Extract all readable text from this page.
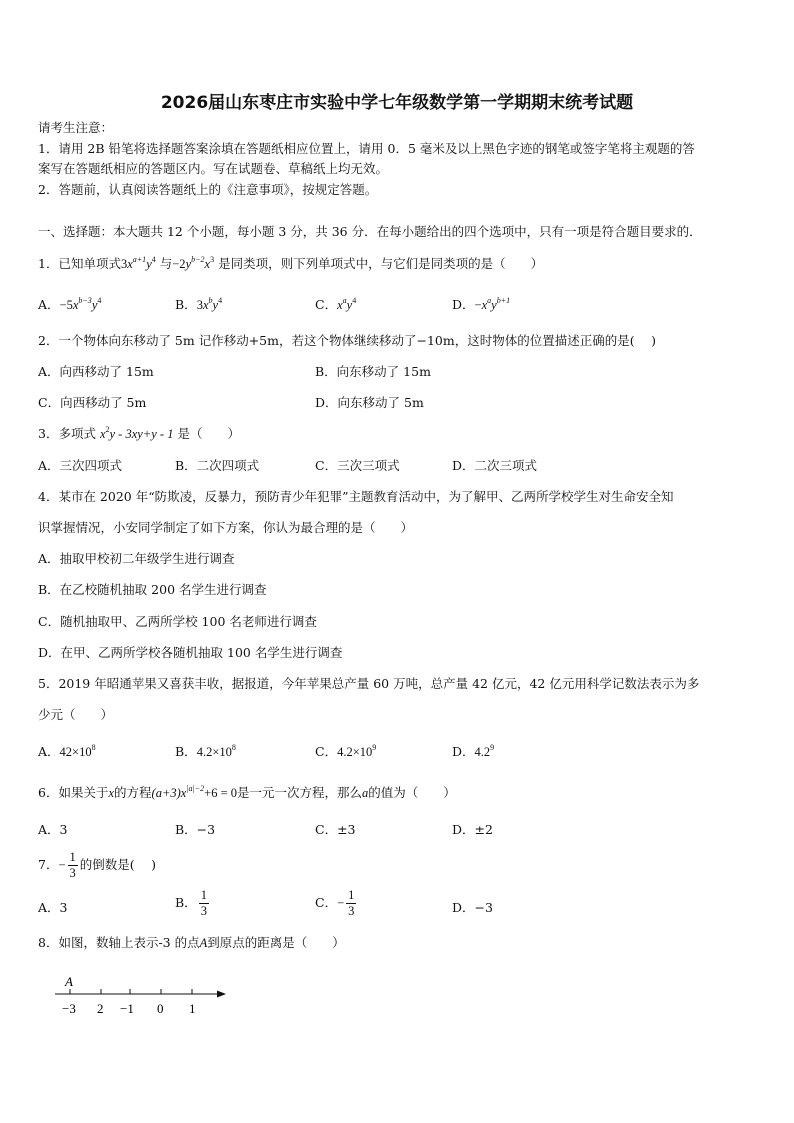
2026届山东枣庄市实验中学七年级数学第一学期期末统考试题
请考生注意：
1．请用 2B 铅笔将选择题答案涂填在答题纸相应位置上，请用 0．5 毫米及以上黑色字迹的钢笔或签字笔将主观题的答
案写在答题纸相应的答题区内。写在试题卷、草稿纸上均无效。
2．答题前，认真阅读答题纸上的《注意事项》，按规定答题。
一、选择题：本大题共 12 个小题，每小题 3 分，共 36 分．在每小题给出的四个选项中，只有一项是符合题目要求的．
1．已知单项式$3x^{a+1}y^4$ 与$-2y^{b-2}x^3$ 是同类项，则下列单项式中，与它们是同类项的是（　　）
A．$-5x^{b-3}y^4$	B．$3x^by^4$	C．$x^ay^4$	D．$-x^ay^{b+1}$
2．一个物体向东移动了 5m 记作移动+5m，若这个物体继续移动了−10m，这时物体的位置描述正确的是(　 )
A．向西移动了 15m	B．向东移动了 15m
C．向西移动了 5m	D．向东移动了 5m
3．多项式 $x^2y - 3xy+y - 1$ 是（　　）
A．三次四项式	B．二次四项式	C．三次三项式	D．二次三项式
4．某市在 2020 年“防欺凌，反暴力，预防青少年犯罪”主题教育活动中，为了解甲、乙两所学校学生对生命安全知
识掌握情况，小安同学制定了如下方案，你认为最合理的是（　　）
A．抽取甲校初二年级学生进行调查
B．在乙校随机抽取 200 名学生进行调查
C．随机抽取甲、乙两所学校 100 名老师进行调查
D．在甲、乙两所学校各随机抽取 100 名学生进行调查
5．2019 年昭通苹果又喜获丰收，据报道，今年苹果总产量 60 万吨，总产量 42 亿元，42 亿元用科学记数法表示为多
少元（　　）
A．$42\times 10^8$	B．$4.2\times 10^8$	C．$4.2\times 10^9$	D．$4.2^9$
6．如果关于x的方程$(a+3)x^{|a|-2}+6 = 0$是一元一次方程，那么a的值为（　　）
A．3	B．−3	C．±3	D．±2
7．− $\frac{1}{3}$ 的倒数是(　 )
A．3	B． $\frac{1}{3}$	C．− $\frac{1}{3}$	D．−3
8．如图，数轴上表示-3 的点A到原点的距离是（　　）
A
−3 2 −1 0 1
